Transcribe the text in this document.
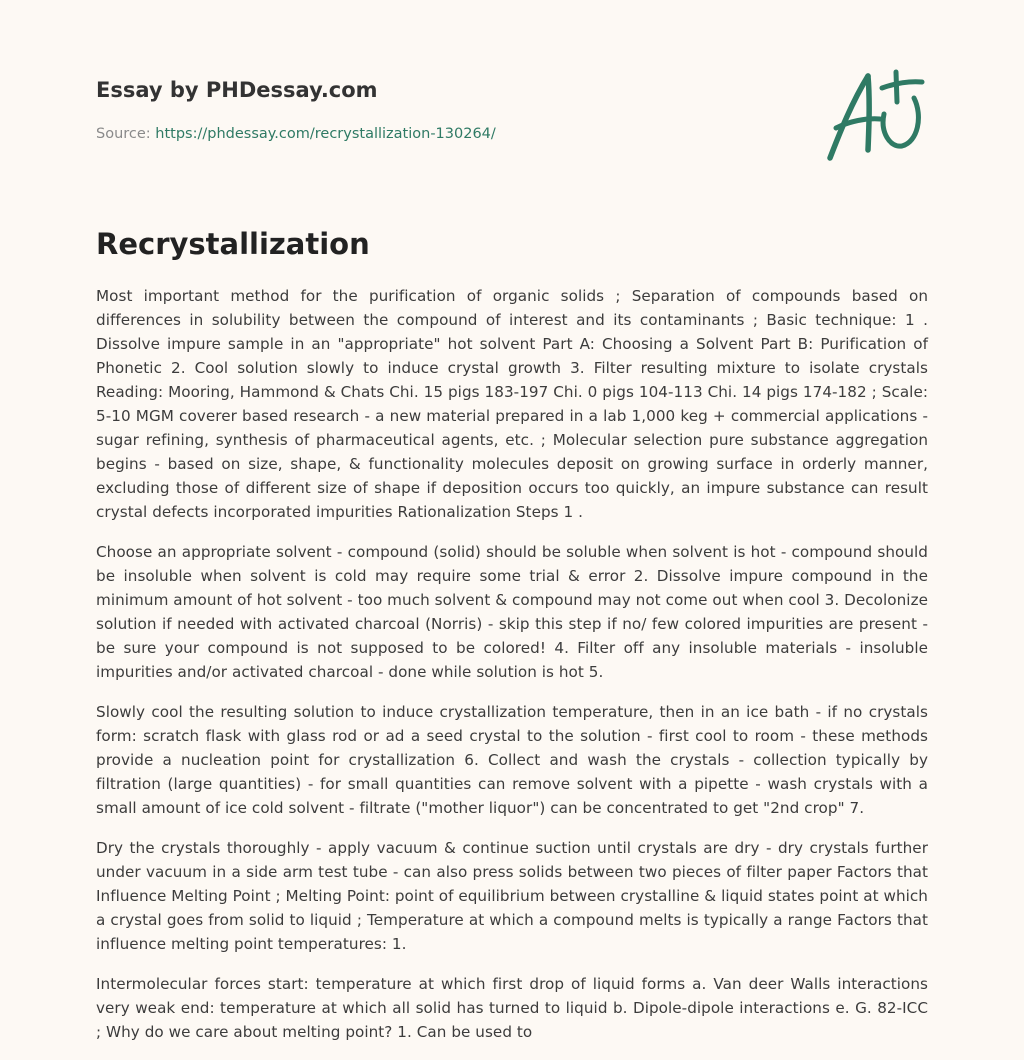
Essay by PHDessay.com
Source: https://phdessay.com/recrystallization-130264/
Recrystallization

Most important method for the purification of organic solids ; Separation of compounds based on differences in solubility between the compound of interest and its contaminants ; Basic technique: 1 . Dissolve impure sample in an "appropriate" hot solvent Part A: Choosing a Solvent Part B: Purification of Phonetic 2. Cool solution slowly to induce crystal growth 3. Filter resulting mixture to isolate crystals Reading: Mooring, Hammond & Chats Chi. 15 pigs 183-197 Chi. 0 pigs 104-113 Chi. 14 pigs 174-182 ; Scale: 5-10 MGM coverer based research - a new material prepared in a lab 1,000 keg + commercial applications - sugar refining, synthesis of pharmaceutical agents, etc. ; Molecular selection pure substance aggregation begins - based on size, shape, & functionality molecules deposit on growing surface in orderly manner, excluding those of different size of shape if deposition occurs too quickly, an impure substance can result crystal defects incorporated impurities Rationalization Steps 1 .

Choose an appropriate solvent - compound (solid) should be soluble when solvent is hot - compound should be insoluble when solvent is cold may require some trial & error 2. Dissolve impure compound in the minimum amount of hot solvent - too much solvent & compound may not come out when cool 3. Decolonize solution if needed with activated charcoal (Norris) - skip this step if no/ few colored impurities are present - be sure your compound is not supposed to be colored! 4. Filter off any insoluble materials - insoluble impurities and/or activated charcoal - done while solution is hot 5.

Slowly cool the resulting solution to induce crystallization temperature, then in an ice bath - if no crystals form: scratch flask with glass rod or ad a seed crystal to the solution - first cool to room - these methods provide a nucleation point for crystallization 6. Collect and wash the crystals - collection typically by filtration (large quantities) - for small quantities can remove solvent with a pipette - wash crystals with a small amount of ice cold solvent - filtrate ("mother liquor") can be concentrated to get "2nd crop" 7.

Dry the crystals thoroughly - apply vacuum & continue suction until crystals are dry - dry crystals further under vacuum in a side arm test tube - can also press solids between two pieces of filter paper Factors that Influence Melting Point ; Melting Point: point of equilibrium between crystalline & liquid states point at which a crystal goes from solid to liquid ; Temperature at which a compound melts is typically a range Factors that influence melting point temperatures: 1.

Intermolecular forces start: temperature at which first drop of liquid forms a. Van deer Walls interactions very weak end: temperature at which all solid has turned to liquid b. Dipole-dipole interactions e. G. 82-ICC ; Why do we care about melting point? 1. Can be used to
